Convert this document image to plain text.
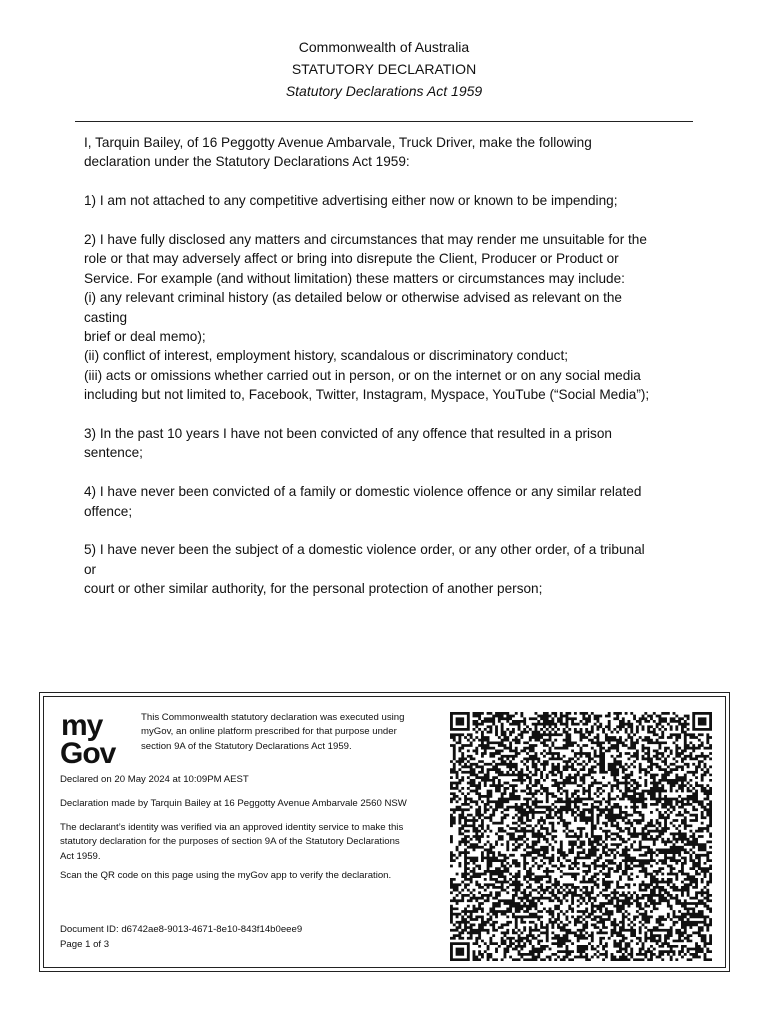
Commonwealth of Australia
STATUTORY DECLARATION
Statutory Declarations Act 1959

I, Tarquin Bailey, of 16 Peggotty Avenue Ambarvale, Truck Driver, make the following
declaration under the Statutory Declarations Act 1959:

1) I am not attached to any competitive advertising either now or known to be impending;

2) I have fully disclosed any matters and circumstances that may render me unsuitable for the
role or that may adversely affect or bring into disrepute the Client, Producer or Product or
Service. For example (and without limitation) these matters or circumstances may include:
(i) any relevant criminal history (as detailed below or otherwise advised as relevant on the
casting
brief or deal memo);
(ii) conflict of interest, employment history, scandalous or discriminatory conduct;
(iii) acts or omissions whether carried out in person, or on the internet or on any social media
including but not limited to, Facebook, Twitter, Instagram, Myspace, YouTube (“Social Media”);

3) In the past 10 years I have not been convicted of any offence that resulted in a prison
sentence;

4) I have never been convicted of a family or domestic violence offence or any similar related
offence;

5) I have never been the subject of a domestic violence order, or any other order, of a tribunal
or
court or other similar authority, for the personal protection of another person;

my
Gov
This Commonwealth statutory declaration was executed using
myGov, an online platform prescribed for that purpose under
section 9A of the Statutory Declarations Act 1959.
Declared on 20 May 2024 at 10:09PM AEST
Declaration made by Tarquin Bailey at 16 Peggotty Avenue Ambarvale 2560 NSW
The declarant’s identity was verified via an approved identity service to make this
statutory declaration for the purposes of section 9A of the Statutory Declarations
Act 1959.
Scan the QR code on this page using the myGov app to verify the declaration.
Document ID: d6742ae8-9013-4671-8e10-843f14b0eee9
Page 1 of 3
